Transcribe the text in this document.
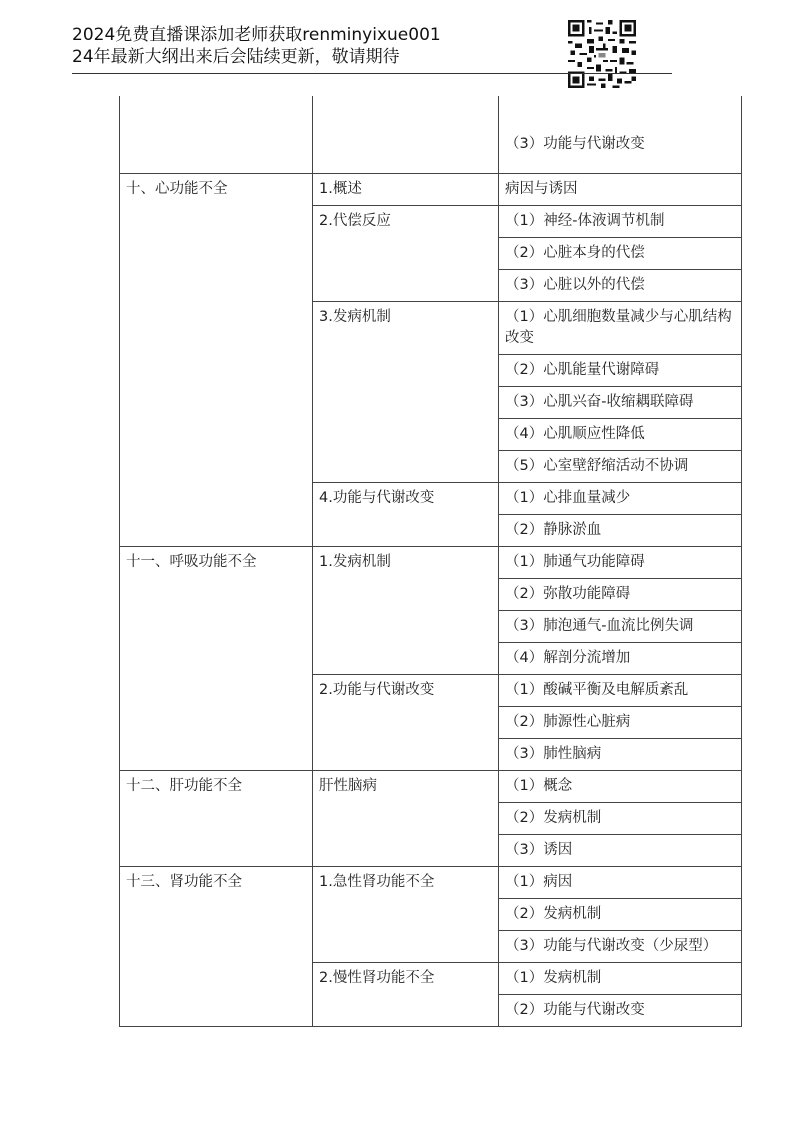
2024免费直播课添加老师获取renminyixue001
24年最新大纲出来后会陆续更新，敬请期待
		（3）功能与代谢改变
十、心功能不全	1.概述	病因与诱因
	2.代偿反应	（1）神经-体液调节机制
		（2）心脏本身的代偿
		（3）心脏以外的代偿
	3.发病机制	（1）心肌细胞数量减少与心肌结构改变
		（2）心肌能量代谢障碍
		（3）心肌兴奋-收缩耦联障碍
		（4）心肌顺应性降低
		（5）心室壁舒缩活动不协调
	4.功能与代谢改变	（1）心排血量减少
		（2）静脉淤血
十一、呼吸功能不全	1.发病机制	（1）肺通气功能障碍
		（2）弥散功能障碍
		（3）肺泡通气-血流比例失调
		（4）解剖分流增加
	2.功能与代谢改变	（1）酸碱平衡及电解质紊乱
		（2）肺源性心脏病
		（3）肺性脑病
十二、肝功能不全	肝性脑病	（1）概念
		（2）发病机制
		（3）诱因
十三、肾功能不全	1.急性肾功能不全	（1）病因
		（2）发病机制
		（3）功能与代谢改变（少尿型）
	2.慢性肾功能不全	（1）发病机制
		（2）功能与代谢改变
